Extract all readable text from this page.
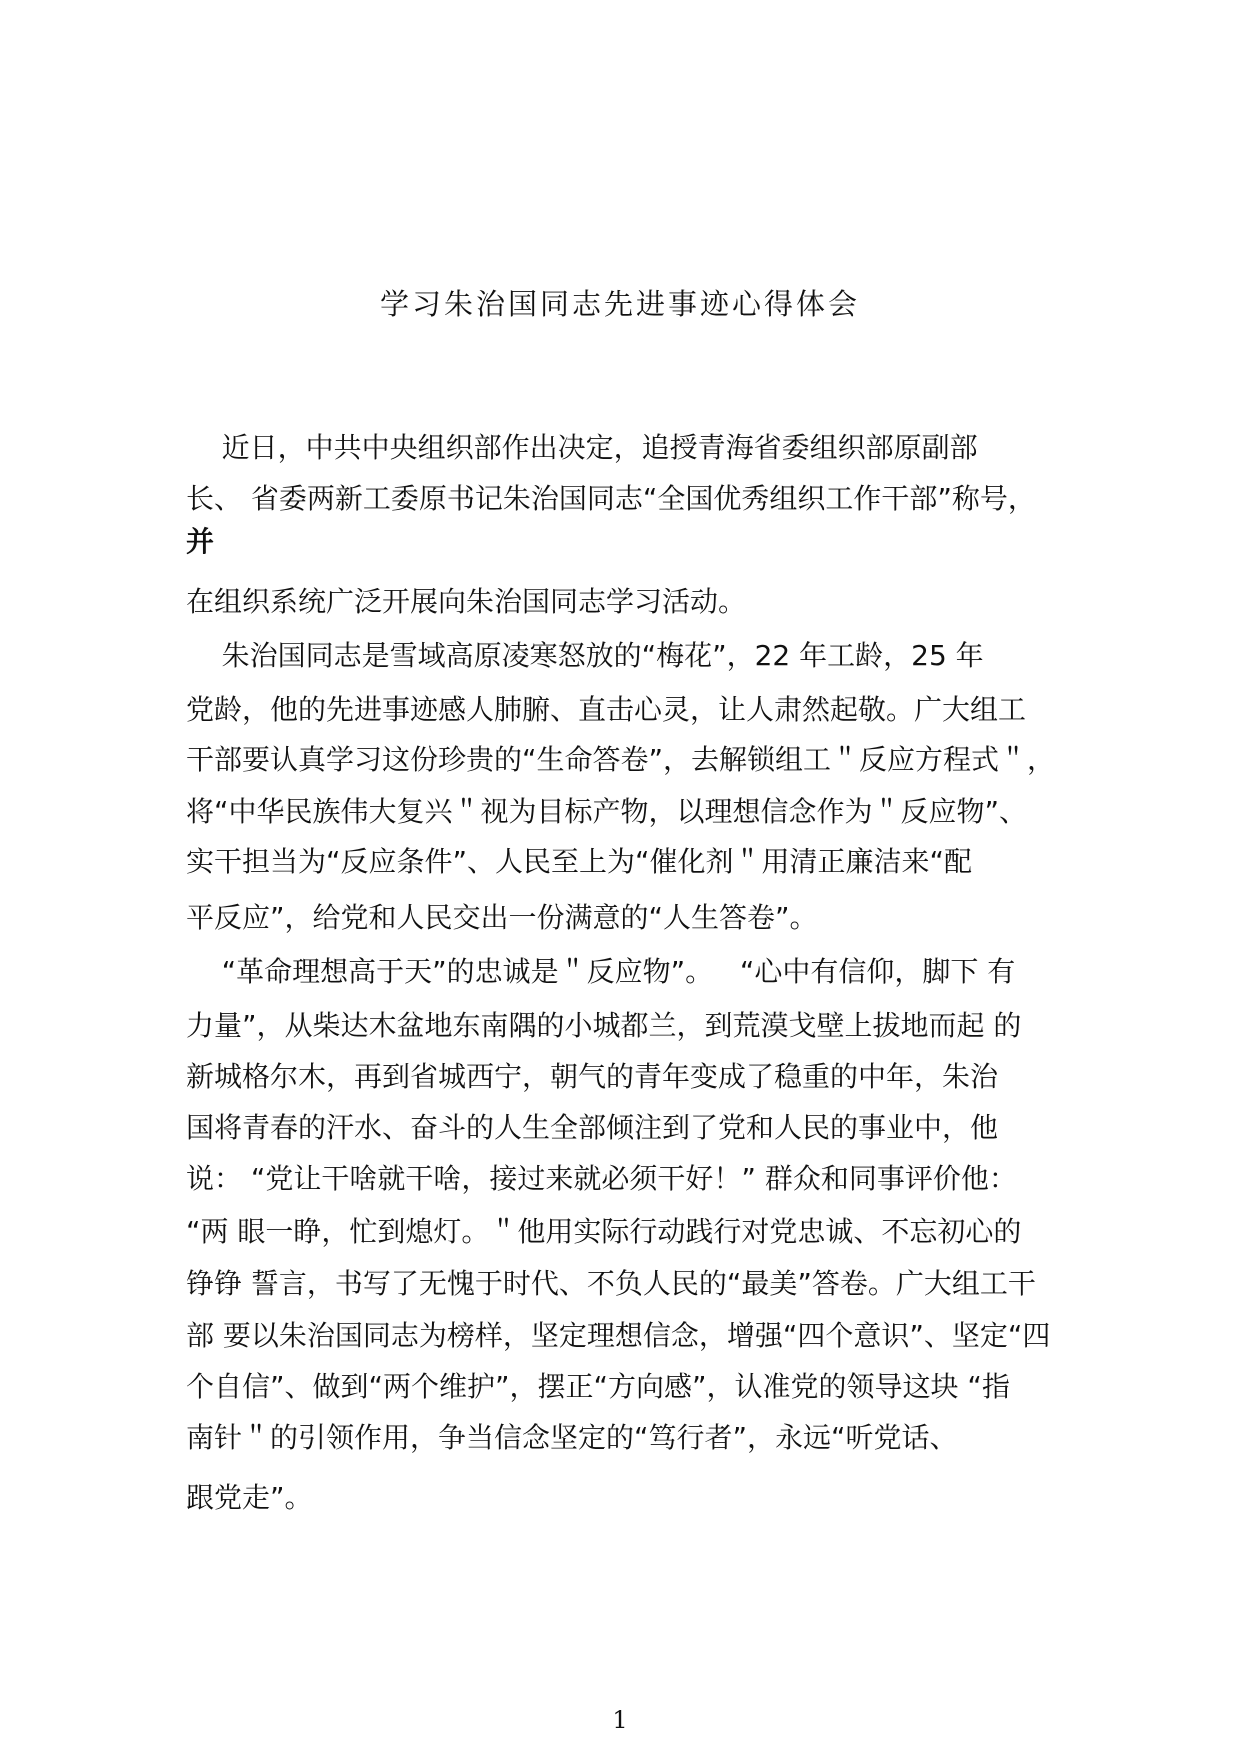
学习朱治国同志先进事迹心得体会
近日，中共中央组织部作出决定，追授青海省委组织部原副部
长、 省委两新工委原书记朱治国同志“全国优秀组织工作干部”称号，
并
在组织系统广泛开展向朱治国同志学习活动。
朱治国同志是雪域高原凌寒怒放的“梅花”，22 年工龄，25 年
党龄，他的先进事迹感人肺腑、直击心灵，让人肃然起敬。广大组工
干部要认真学习这份珍贵的“生命答卷”，去解锁组工＂反应方程式＂，
将“中华民族伟大复兴＂视为目标产物，以理想信念作为＂反应物”、
实干担当为“反应条件”、人民至上为“催化剂＂用清正廉洁来“配
平反应”，给党和人民交出一份满意的“人生答卷”。
“革命理想高于天”的忠诚是＂反应物”。   “心中有信仰，脚下 有
力量”，从柴达木盆地东南隅的小城都兰，到荒漠戈壁上拔地而起 的
新城格尔木，再到省城西宁，朝气的青年变成了稳重的中年，朱治
国将青春的汗水、奋斗的人生全部倾注到了党和人民的事业中，他
说： “党让干啥就干啥，接过来就必须干好！” 群众和同事评价他：
“两 眼一睁，忙到熄灯。＂他用实际行动践行对党忠诚、不忘初心的
铮铮 誓言，书写了无愧于时代、不负人民的“最美”答卷。广大组工干
部 要以朱治国同志为榜样，坚定理想信念，增强“四个意识”、坚定“四
个自信”、做到“两个维护”，摆正“方向感”，认准党的领导这块 “指
南针＂的引领作用，争当信念坚定的“笃行者”，永远“听党话、
跟党走”。
1
